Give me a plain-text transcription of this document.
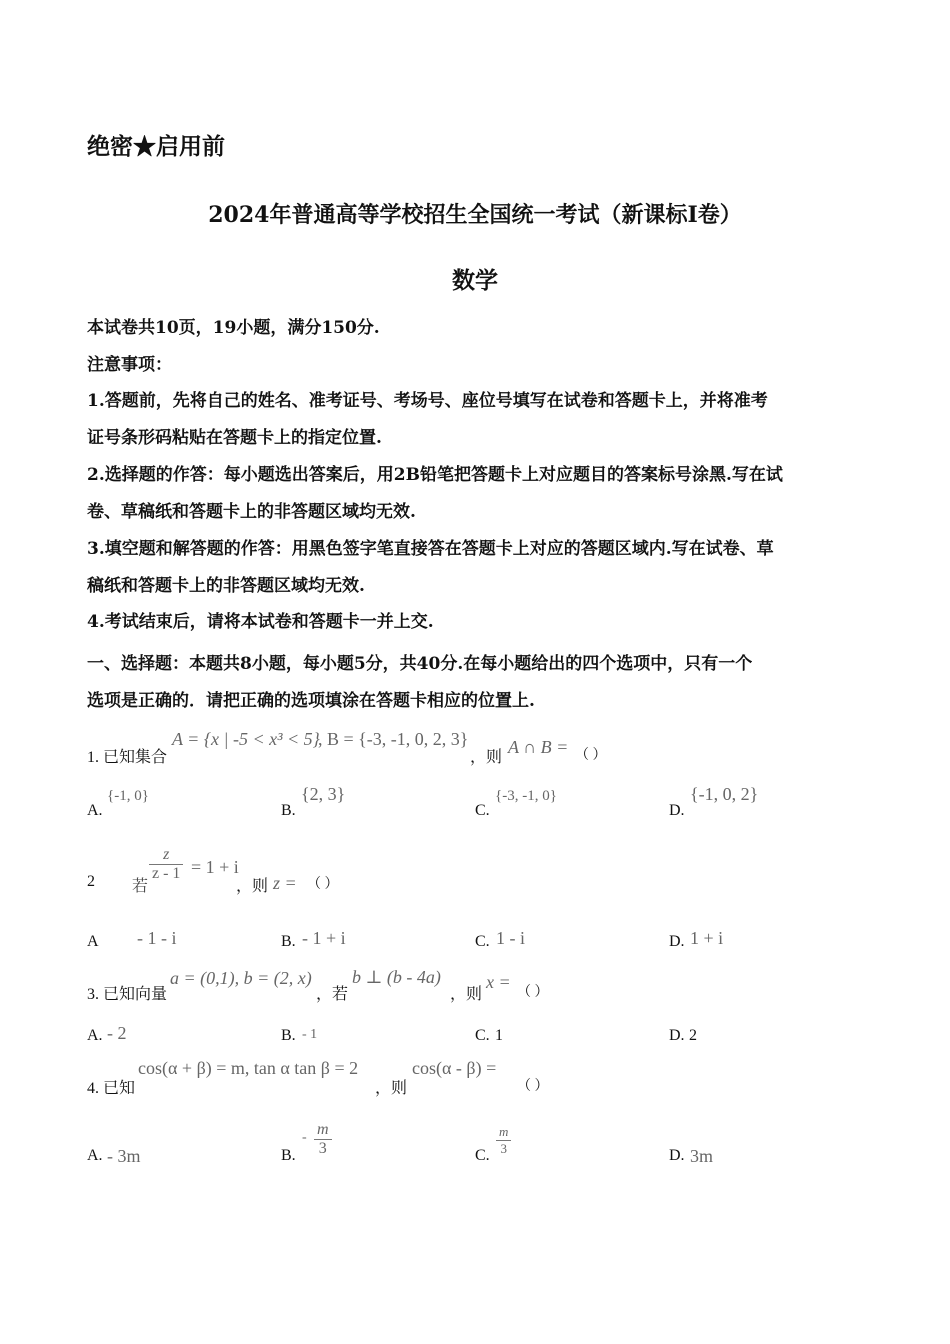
绝密★启用前
2024年普通高等学校招生全国统一考试（新课标I卷）
数学
本试卷共10页，19小题，满分150分.
注意事项：
1.答题前，先将自己的姓名、准考证号、考场号、座位号填写在试卷和答题卡上，并将准考
证号条形码粘贴在答题卡上的指定位置.
2.选择题的作答：每小题选出答案后，用2B铅笔把答题卡上对应题目的答案标号涂黑.写在试
卷、草稿纸和答题卡上的非答题区域均无效.
3.填空题和解答题的作答：用黑色签字笔直接答在答题卡上对应的答题区域内.写在试卷、草
稿纸和答题卡上的非答题区域均无效.
4.考试结束后，请将本试卷和答题卡一并上交.
一、选择题：本题共8小题，每小题5分，共40分.在每小题给出的四个选项中，只有一个
选项是正确的．请把正确的选项填涂在答题卡相应的位置上.
1. 已知集合
A = {x | -5 < x³ < 5}
, B = {-3, -1, 0, 2, 3}
，则
A ∩ B = （ ）
A.
{-1, 0}
B.
{2, 3}
C.
{-3, -1, 0}
D.
{-1, 0, 2}
2 若
$\frac{z}{z - 1} = 1 + i$
，则 z = （ ）
A - 1 - i	B. - 1 + i	C. 1 - i	D. 1 + i
3. 已知向量
a = (0,1), b = (2, x)
，若
b ⊥ (b - 4a)
，则
x =
（ ）
A. - 2	B. - 1	C. 1	D. 2
4. 已知
cos(α + β) = m, tan α tan β = 2
，则
cos(α - β) =
（ ）
A. - 3m	B.
- $\frac{m}{3}$	C. $\frac{m}{3}$	D. 3m
